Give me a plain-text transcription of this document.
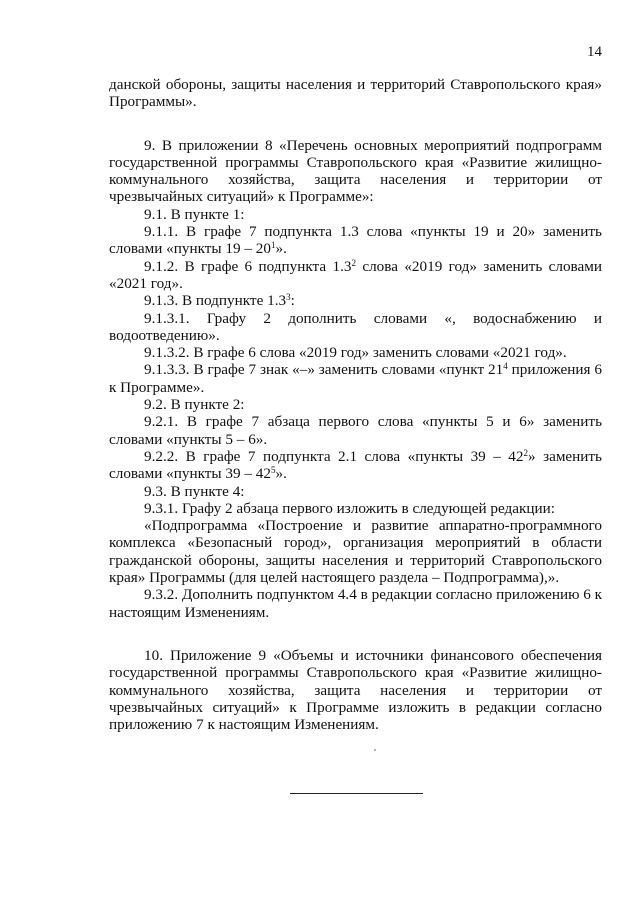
14

данской обороны, защиты населения и территорий Ставропольского края» Программы».

9. В приложении 8 «Перечень основных мероприятий подпрограмм государственной программы Ставропольского края «Развитие жилищно-коммунального хозяйства, защита населения и территории от чрезвычайных ситуаций» к Программе»:

9.1. В пункте 1:

9.1.1. В графе 7 подпункта 1.3 слова «пункты 19 и 20» заменить словами «пункты $19 - 20^1$».

9.1.2. В графе 6 подпункта $1.3^2$ слова «2019 год» заменить словами «2021 год».

9.1.3. В подпункте $1.3^3$:

9.1.3.1. Графу 2 дополнить словами «, водоснабжению и водоотведению».

9.1.3.2. В графе 6 слова «2019 год» заменить словами «2021 год».

9.1.3.3. В графе 7 знак «–» заменить словами «пункт $21^4$ приложения 6 к Программе».

9.2. В пункте 2:

9.2.1. В графе 7 абзаца первого слова «пункты 5 и 6» заменить словами «пункты 5 – 6».

9.2.2. В графе 7 подпункта 2.1 слова «пункты $39 - 42^2$» заменить словами «пункты $39 - 42^5$».

9.3. В пункте 4:

9.3.1. Графу 2 абзаца первого изложить в следующей редакции:

«Подпрограмма «Построение и развитие аппаратно-программного комплекса «Безопасный город», организация мероприятий в области гражданской обороны, защиты населения и территорий Ставропольского края» Программы (для целей настоящего раздела – Подпрограмма),».

9.3.2. Дополнить подпунктом 4.4 в редакции согласно приложению 6 к настоящим Изменениям.

10. Приложение 9 «Объемы и источники финансового обеспечения государственной программы Ставропольского края «Развитие жилищно-коммунального хозяйства, защита населения и территории от чрезвычайных ситуаций» к Программе изложить в редакции согласно приложению 7 к настоящим Изменениям.
